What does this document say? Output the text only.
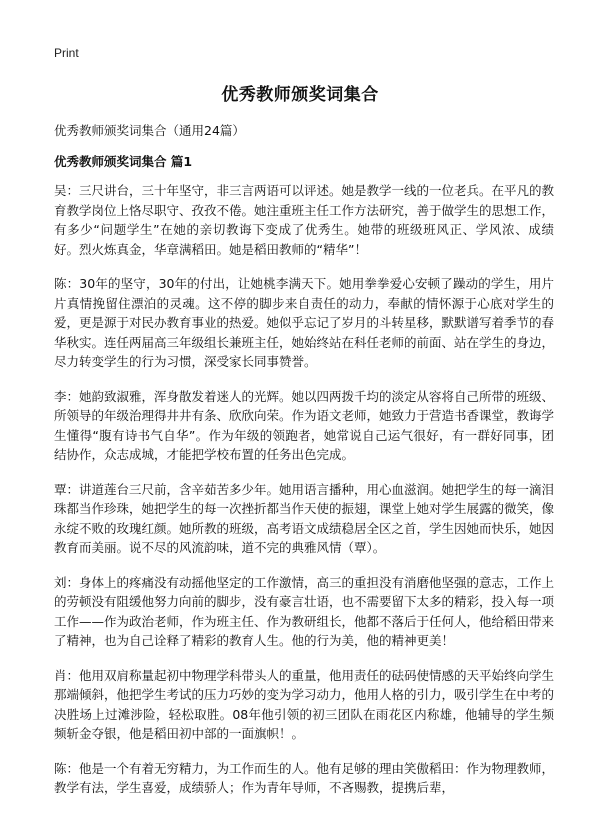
Print
优秀教师颁奖词集合

优秀教师颁奖词集合（通用24篇）

优秀教师颁奖词集合 篇1

吴：三尺讲台，三十年坚守，非三言两语可以评述。她是教学一线的一位老兵。在平凡的教育教学岗位上恪尽职守、孜孜不倦。她注重班主任工作方法研究，善于做学生的思想工作，有多少“问题学生”在她的亲切教诲下变成了优秀生。她带的班级班风正、学风浓、成绩好。烈火炼真金，华章满稻田。她是稻田教师的“精华”！

陈：30年的坚守，30年的付出，让她桃李满天下。她用拳拳爱心安顿了躁动的学生，用片片真情挽留住漂泊的灵魂。这不停的脚步来自责任的动力，奉献的情怀源于心底对学生的爱，更是源于对民办教育事业的热爱。她似乎忘记了岁月的斗转星移，默默谱写着季节的春华秋实。连任两届高三年级组长兼班主任，她始终站在科任老师的前面、站在学生的身边，尽力转变学生的行为习惯，深受家长同事赞誉。

李：她韵致淑雅，浑身散发着迷人的光辉。她以四两拨千均的淡定从容将自己所带的班级、所领导的年级治理得井井有条、欣欣向荣。作为语文老师，她致力于营造书香课堂，教诲学生懂得“腹有诗书气自华”。作为年级的领跑者，她常说自己运气很好，有一群好同事，团结协作，众志成城，才能把学校布置的任务出色完成。

覃：讲道莲台三尺前，含辛茹苦多少年。她用语言播种，用心血滋润。她把学生的每一滴泪珠都当作珍珠，她把学生的每一次挫折都当作天使的振翅，课堂上她对学生展露的微笑，像永绽不败的玫瑰红颜。她所教的班级，高考语文成绩稳居全区之首，学生因她而快乐，她因教育而美丽。说不尽的风流韵味，道不完的典雅风情（覃）。

刘：身体上的疼痛没有动摇他坚定的工作激情，高三的重担没有消磨他坚强的意志，工作上的劳顿没有阻缓他努力向前的脚步，没有豪言壮语，也不需要留下太多的精彩，投入每一项工作——作为政治老师，作为班主任、作为教研组长，他都不落后于任何人，他给稻田带来了精神，也为自己诠释了精彩的教育人生。他的行为美，他的精神更美！

肖：他用双肩称量起初中物理学科带头人的重量，他用责任的砝码使情感的天平始终向学生那端倾斜，他把学生考试的压力巧妙的变为学习动力，他用人格的引力，吸引学生在中考的决胜场上过滩涉险，轻松取胜。08年他引领的初三团队在雨花区内称雄，他辅导的学生频频斩金夺银，他是稻田初中部的一面旗帜！。

陈：他是一个有着无穷精力，为工作而生的人。他有足够的理由笑傲稻田：作为物理教师，教学有法，学生喜爱，成绩骄人；作为青年导师，不吝赐教，提携后辈，
